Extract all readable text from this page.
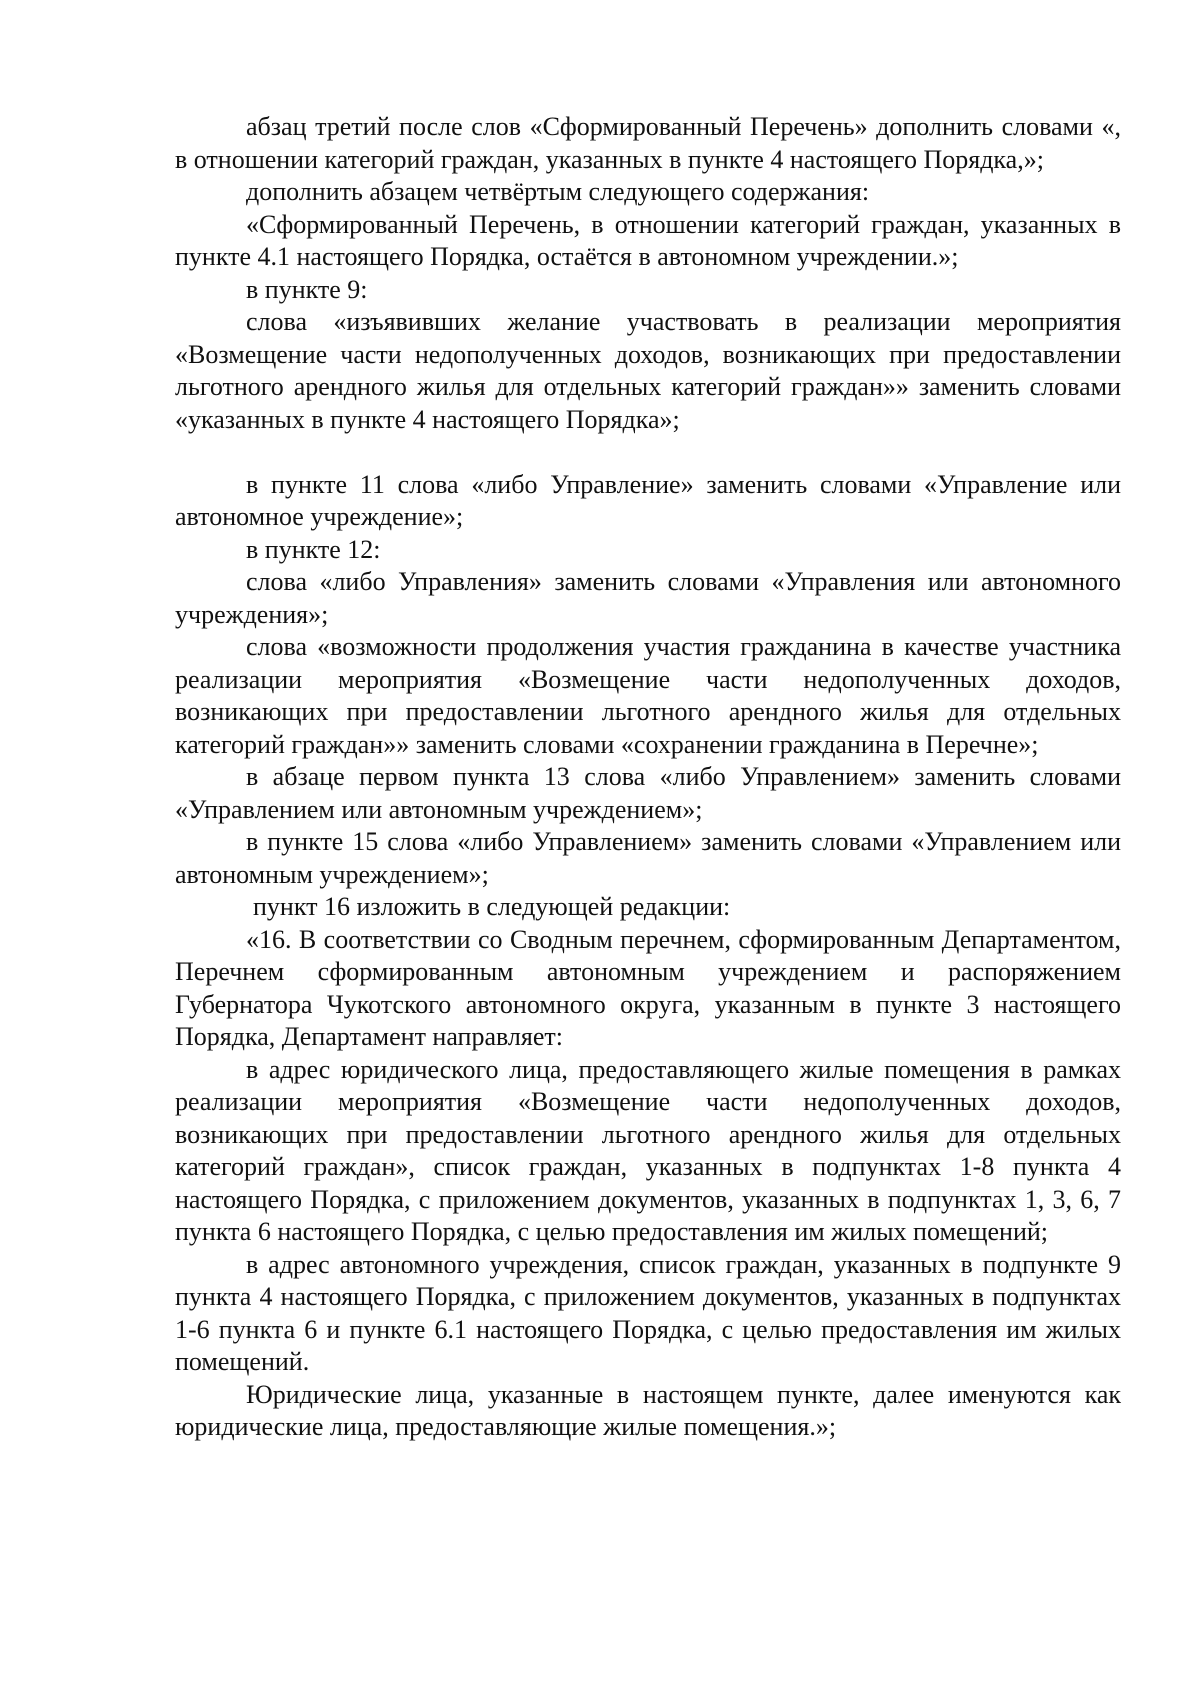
абзац третий после слов «Сформированный Перечень» дополнить словами «, в отношении категорий граждан, указанных в пункте 4 настоящего Порядка,»;

дополнить абзацем четвёртым следующего содержания:

«Сформированный Перечень, в отношении категорий граждан, указанных в пункте 4.1 настоящего Порядка, остаётся в автономном учреждении.»;

в пункте 9:

слова «изъявивших желание участвовать в реализации мероприятия «Возмещение части недополученных доходов, возникающих при предоставлении льготного арендного жилья для отдельных категорий граждан»» заменить словами «указанных в пункте 4 настоящего Порядка»;

в пункте 11 слова «либо Управление» заменить словами «Управление или автономное учреждение»;

в пункте 12:

слова «либо Управления» заменить словами «Управления или автономного учреждения»;

слова «возможности продолжения участия гражданина в качестве участника реализации мероприятия «Возмещение части недополученных доходов, возникающих при предоставлении льготного арендного жилья для отдельных категорий граждан»» заменить словами «сохранении гражданина в Перечне»;

в абзаце первом пункта 13 слова «либо Управлением» заменить словами «Управлением или автономным учреждением»;

в пункте 15 слова «либо Управлением» заменить словами «Управлением или автономным учреждением»;

пункт 16 изложить в следующей редакции:

«16. В соответствии со Сводным перечнем, сформированным Департаментом, Перечнем сформированным автономным учреждением и распоряжением Губернатора Чукотского автономного округа, указанным в пункте 3 настоящего Порядка, Департамент направляет:

в адрес юридического лица, предоставляющего жилые помещения в рамках реализации мероприятия «Возмещение части недополученных доходов, возникающих при предоставлении льготного арендного жилья для отдельных категорий граждан», список граждан, указанных в подпунктах 1-8 пункта 4 настоящего Порядка, с приложением документов, указанных в подпунктах 1, 3, 6, 7 пункта 6 настоящего Порядка, с целью предоставления им жилых помещений;

в адрес автономного учреждения, список граждан, указанных в подпункте 9 пункта 4 настоящего Порядка, с приложением документов, указанных в подпунктах 1-6 пункта 6 и пункте 6.1 настоящего Порядка, с целью предоставления им жилых помещений.

Юридические лица, указанные в настоящем пункте, далее именуются как юридические лица, предоставляющие жилые помещения.»;
